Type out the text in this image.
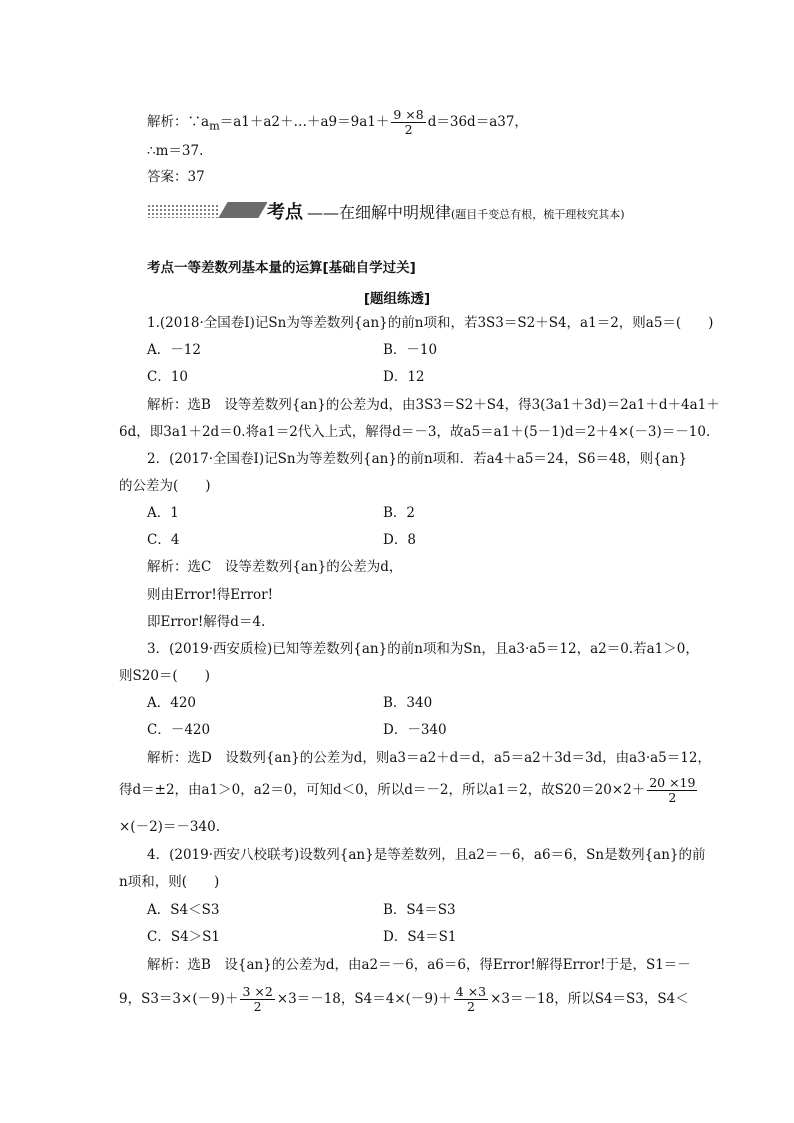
解析：$\because a_m=a1+a2+\dots+a9=9a1+ \frac{9 \times 8}{2} d=36d=a37$，
∴m＝37.
答案：37
考点 ——在细解中明规律(题目千变总有根，梳干理枝究其本)
考点一等差数列基本量的运算[基础自学过关]
[题组练透]
1.(2018·全国卷Ⅰ)记Sn为等差数列{an}的前n项和，若3S3＝S2＋S4，a1＝2，则a5＝(　　)
A．－12	B．－10
C．10	D．12
解析：选B　设等差数列{an}的公差为d，由3S3＝S2＋S4，得3(3a1＋3d)＝2a1＋d＋4a1＋
6d，即3a1＋2d＝0.将a1＝2代入上式，解得d＝－3，故a5＝a1＋(5－1)d＝2＋4×(－3)＝－10.
2．(2017·全国卷Ⅰ)记Sn为等差数列{an}的前n项和．若a4＋a5＝24，S6＝48，则{an}
的公差为(　　)
A．1	B．2
C．4	D．8
解析：选C　设等差数列{an}的公差为d，
则由Error!得Error!
即Error!解得d＝4.
3．(2019·西安质检)已知等差数列{an}的前n项和为Sn，且a3·a5＝12，a2＝0.若a1＞0，
则S20＝(　　)
A．420	B．340
C．－420	D．－340
解析：选D　设数列{an}的公差为d，则a3＝a2＋d＝d，a5＝a2＋3d＝3d，由a3·a5＝12，
得d＝±2，由a1＞0，a2＝0，可知d＜0，所以d＝－2，所以a1＝2，故$S20=20\times 2+ \frac{20 \times 19}{2}$
×(－2)＝－340.
4．(2019·西安八校联考)设数列{an}是等差数列，且a2＝－6，a6＝6，Sn是数列{an}的前
n项和，则(　　)
A．S4＜S3	B．S4＝S3
C．S4＞S1	D．S4＝S1
解析：选B　设{an}的公差为d，由a2＝－6，a6＝6，得Error!解得Error!于是，S1＝－
9，$S3=3\times(-9)+ \frac{3 \times 2}{2} \times 3=-18$，$S4=4\times(-9)+ \frac{4 \times 3}{2} \times 3=-18$，所以S4＝S3，S4＜
